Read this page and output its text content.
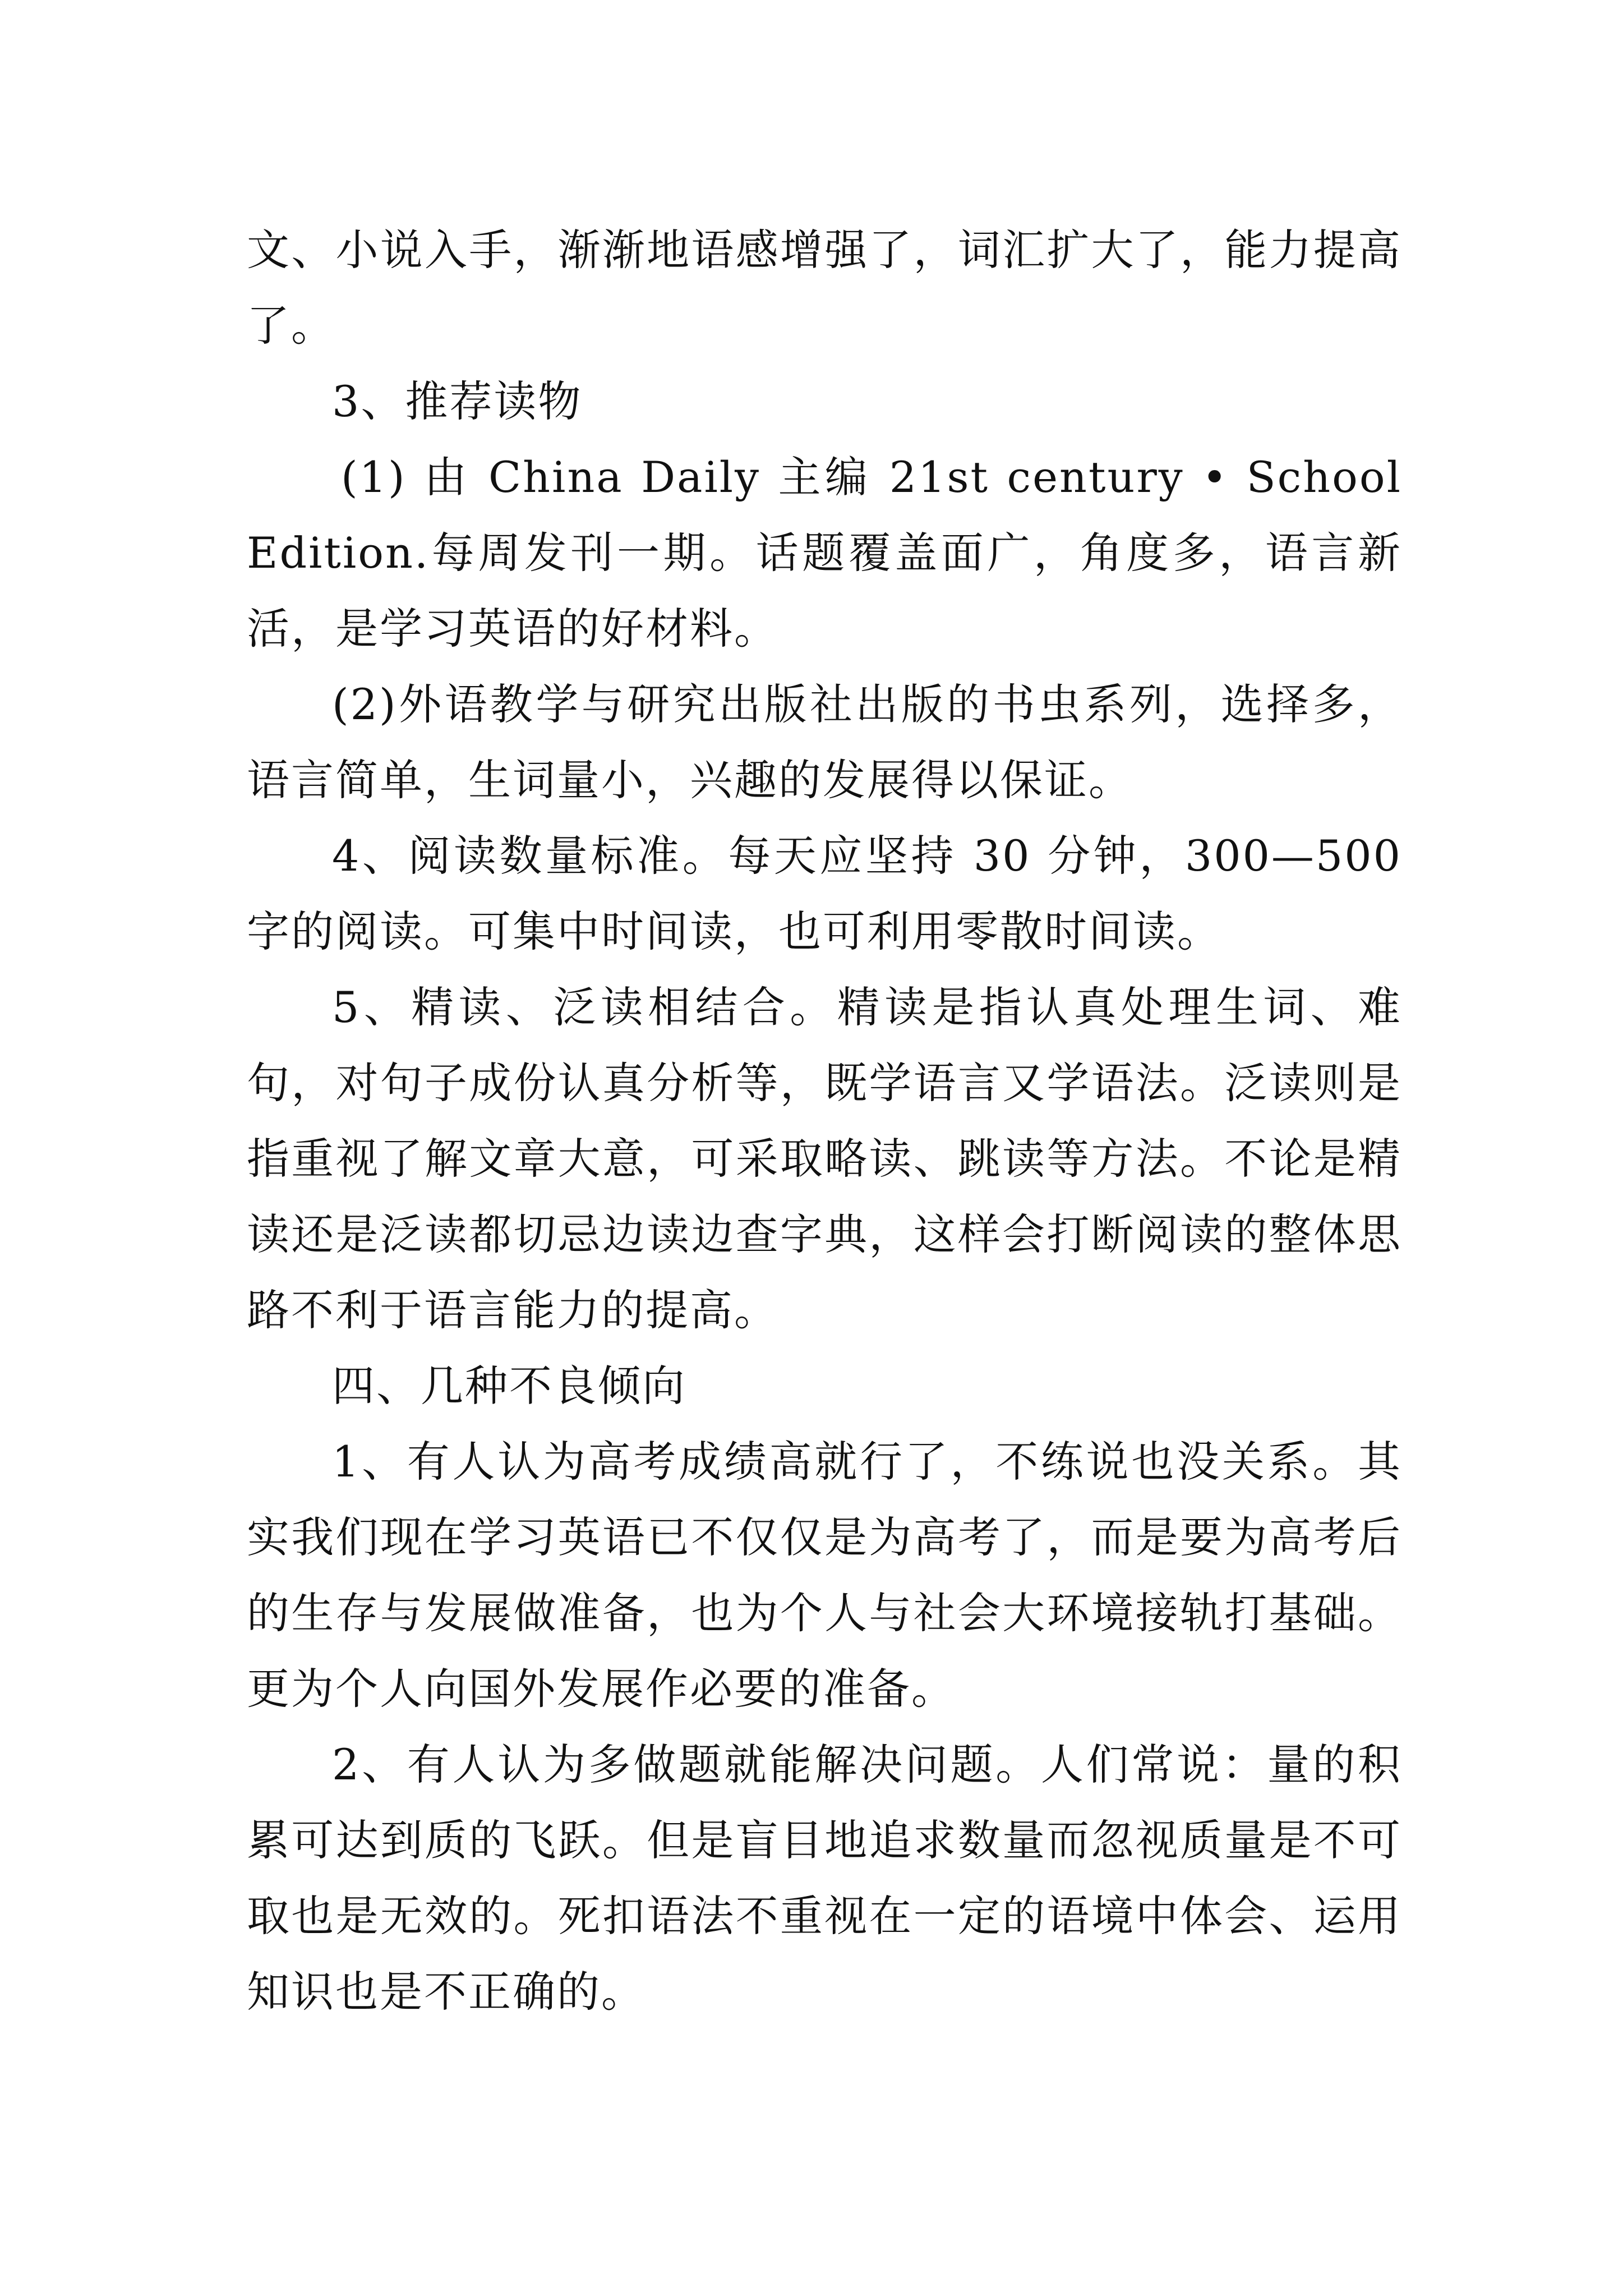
文、小说入手，渐渐地语感增强了，词汇扩大了，能力提高了。

3、推荐读物

(1) 由 China Daily 主编 21st century • School Edition.每周发刊一期。话题覆盖面广，角度多，语言新活，是学习英语的好材料。

(2)外语教学与研究出版社出版的书虫系列，选择多，语言简单，生词量小，兴趣的发展得以保证。

4、阅读数量标准。每天应坚持 30 分钟，300—500 字的阅读。可集中时间读，也可利用零散时间读。

5、精读、泛读相结合。精读是指认真处理生词、难句，对句子成份认真分析等，既学语言又学语法。泛读则是指重视了解文章大意，可采取略读、跳读等方法。不论是精读还是泛读都切忌边读边查字典，这样会打断阅读的整体思路不利于语言能力的提高。

四、几种不良倾向

1、有人认为高考成绩高就行了，不练说也没关系。其实我们现在学习英语已不仅仅是为高考了，而是要为高考后的生存与发展做准备，也为个人与社会大环境接轨打基础。更为个人向国外发展作必要的准备。

2、有人认为多做题就能解决问题。人们常说：量的积累可达到质的飞跃。但是盲目地追求数量而忽视质量是不可取也是无效的。死扣语法不重视在一定的语境中体会、运用知识也是不正确的。
